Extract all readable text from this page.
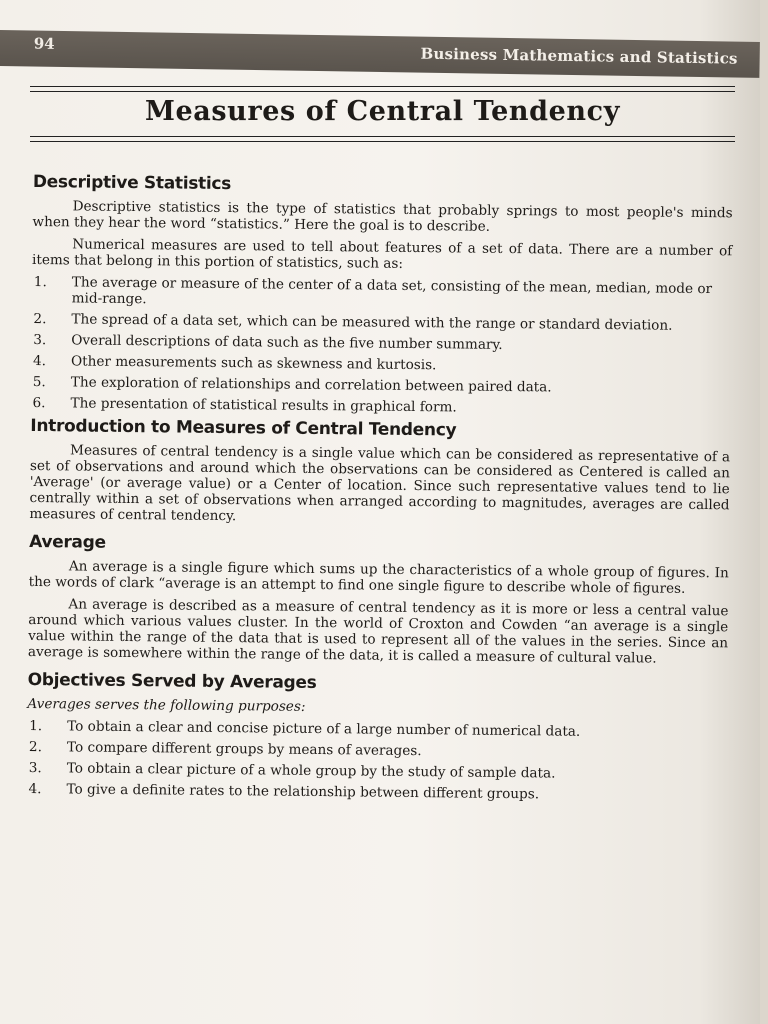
94
Business Mathematics and Statistics
Measures of Central Tendency
Descriptive Statistics

Descriptive statistics is the type of statistics that probably springs to most people's minds when they hear the word “statistics.” Here the goal is to describe.

Numerical measures are used to tell about features of a set of data. There are a number of items that belong in this portion of statistics, such as:

1. The average or measure of the center of a data set, consisting of the mean, median, mode or mid-range.
2. The spread of a data set, which can be measured with the range or standard deviation.
3. Overall descriptions of data such as the five number summary.
4. Other measurements such as skewness and kurtosis.
5. The exploration of relationships and correlation between paired data.
6. The presentation of statistical results in graphical form.
Introduction to Measures of Central Tendency

Measures of central tendency is a single value which can be considered as representative of a set of observations and around which the observations can be considered as Centered is called an 'Average' (or average value) or a Center of location. Since such representative values tend to lie centrally within a set of observations when arranged according to magnitudes, averages are called measures of central tendency.

Average

An average is a single figure which sums up the characteristics of a whole group of figures. In the words of clark “average is an attempt to find one single figure to describe whole of figures.

An average is described as a measure of central tendency as it is more or less a central value around which various values cluster. In the world of Croxton and Cowden “an average is a single value within the range of the data that is used to represent all of the values in the series. Since an average is somewhere within the range of the data, it is called a measure of cultural value.

Objectives Served by Averages
Averages serves the following purposes:
1. To obtain a clear and concise picture of a large number of numerical data.
2. To compare different groups by means of averages.
3. To obtain a clear picture of a whole group by the study of sample data.
4. To give a definite rates to the relationship between different groups.
